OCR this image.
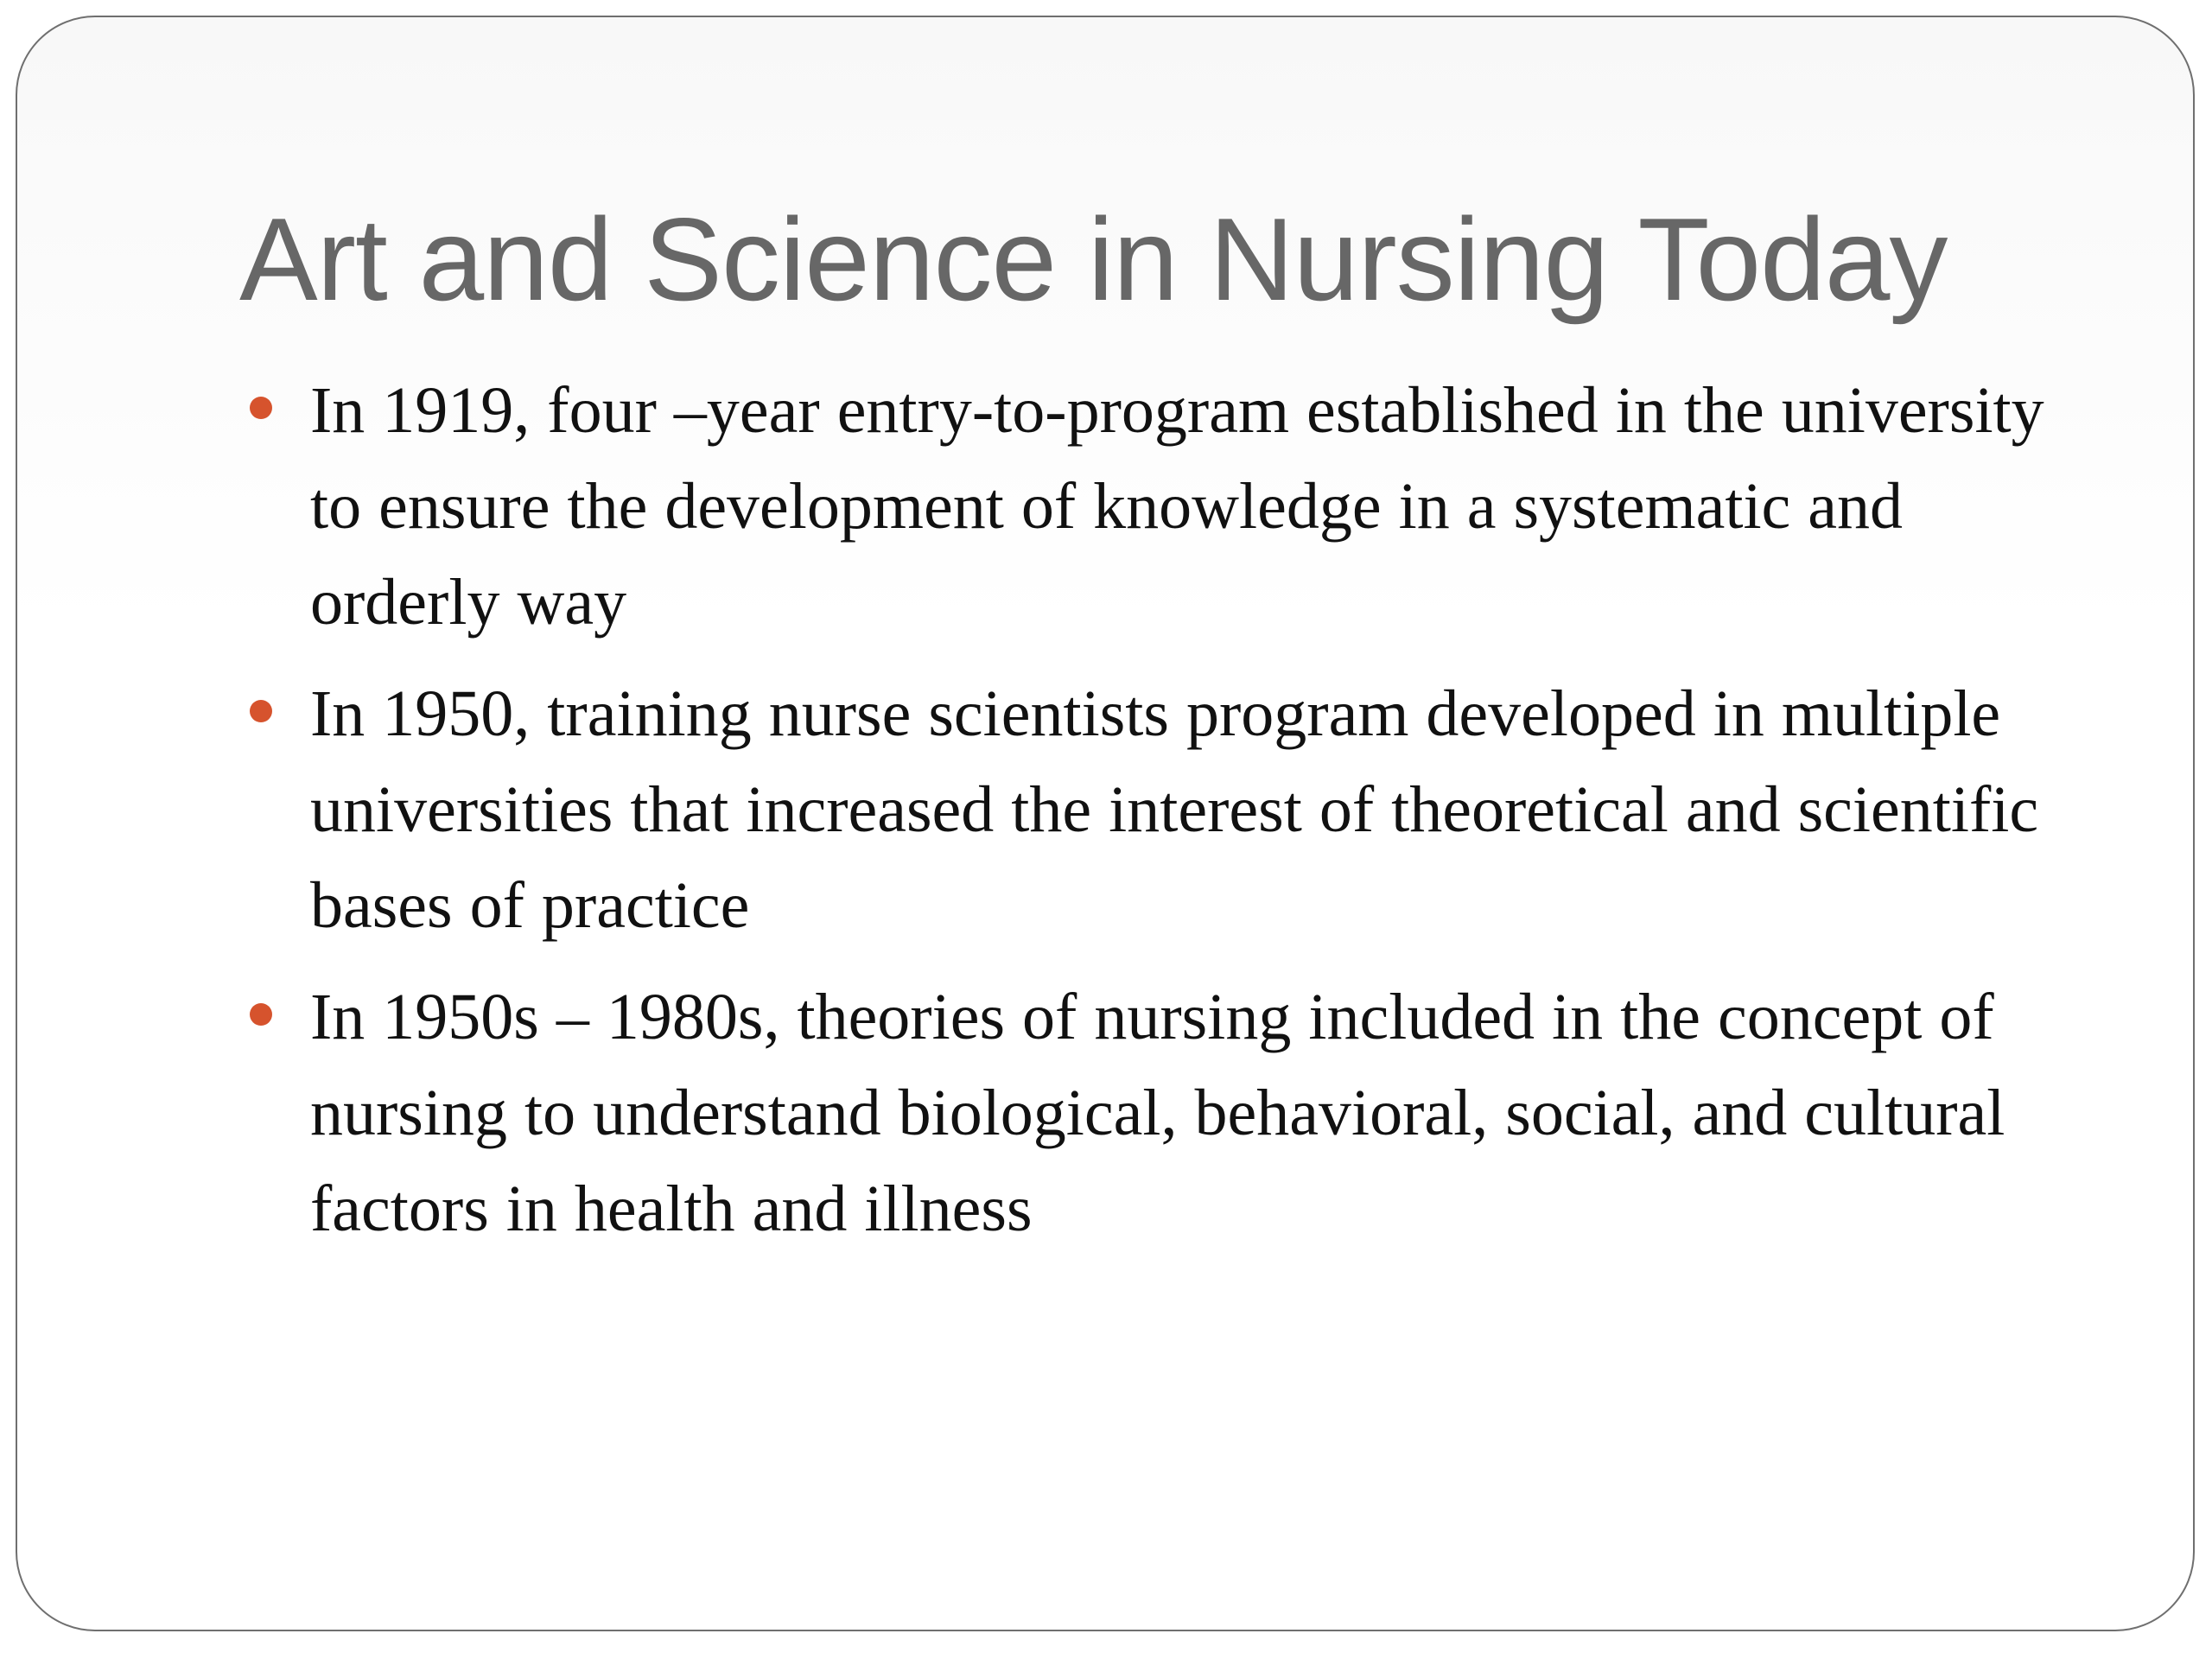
Art and Science in Nursing Today
In 1919, four –year entry-to-program established in the university to ensure the development of knowledge in a systematic and orderly way
In 1950, training nurse scientists program developed in multiple universities that increased the interest of theoretical and scientific bases of practice
In 1950s – 1980s, theories of nursing included in the concept of nursing to understand biological, behavioral, social, and cultural factors in health and illness
